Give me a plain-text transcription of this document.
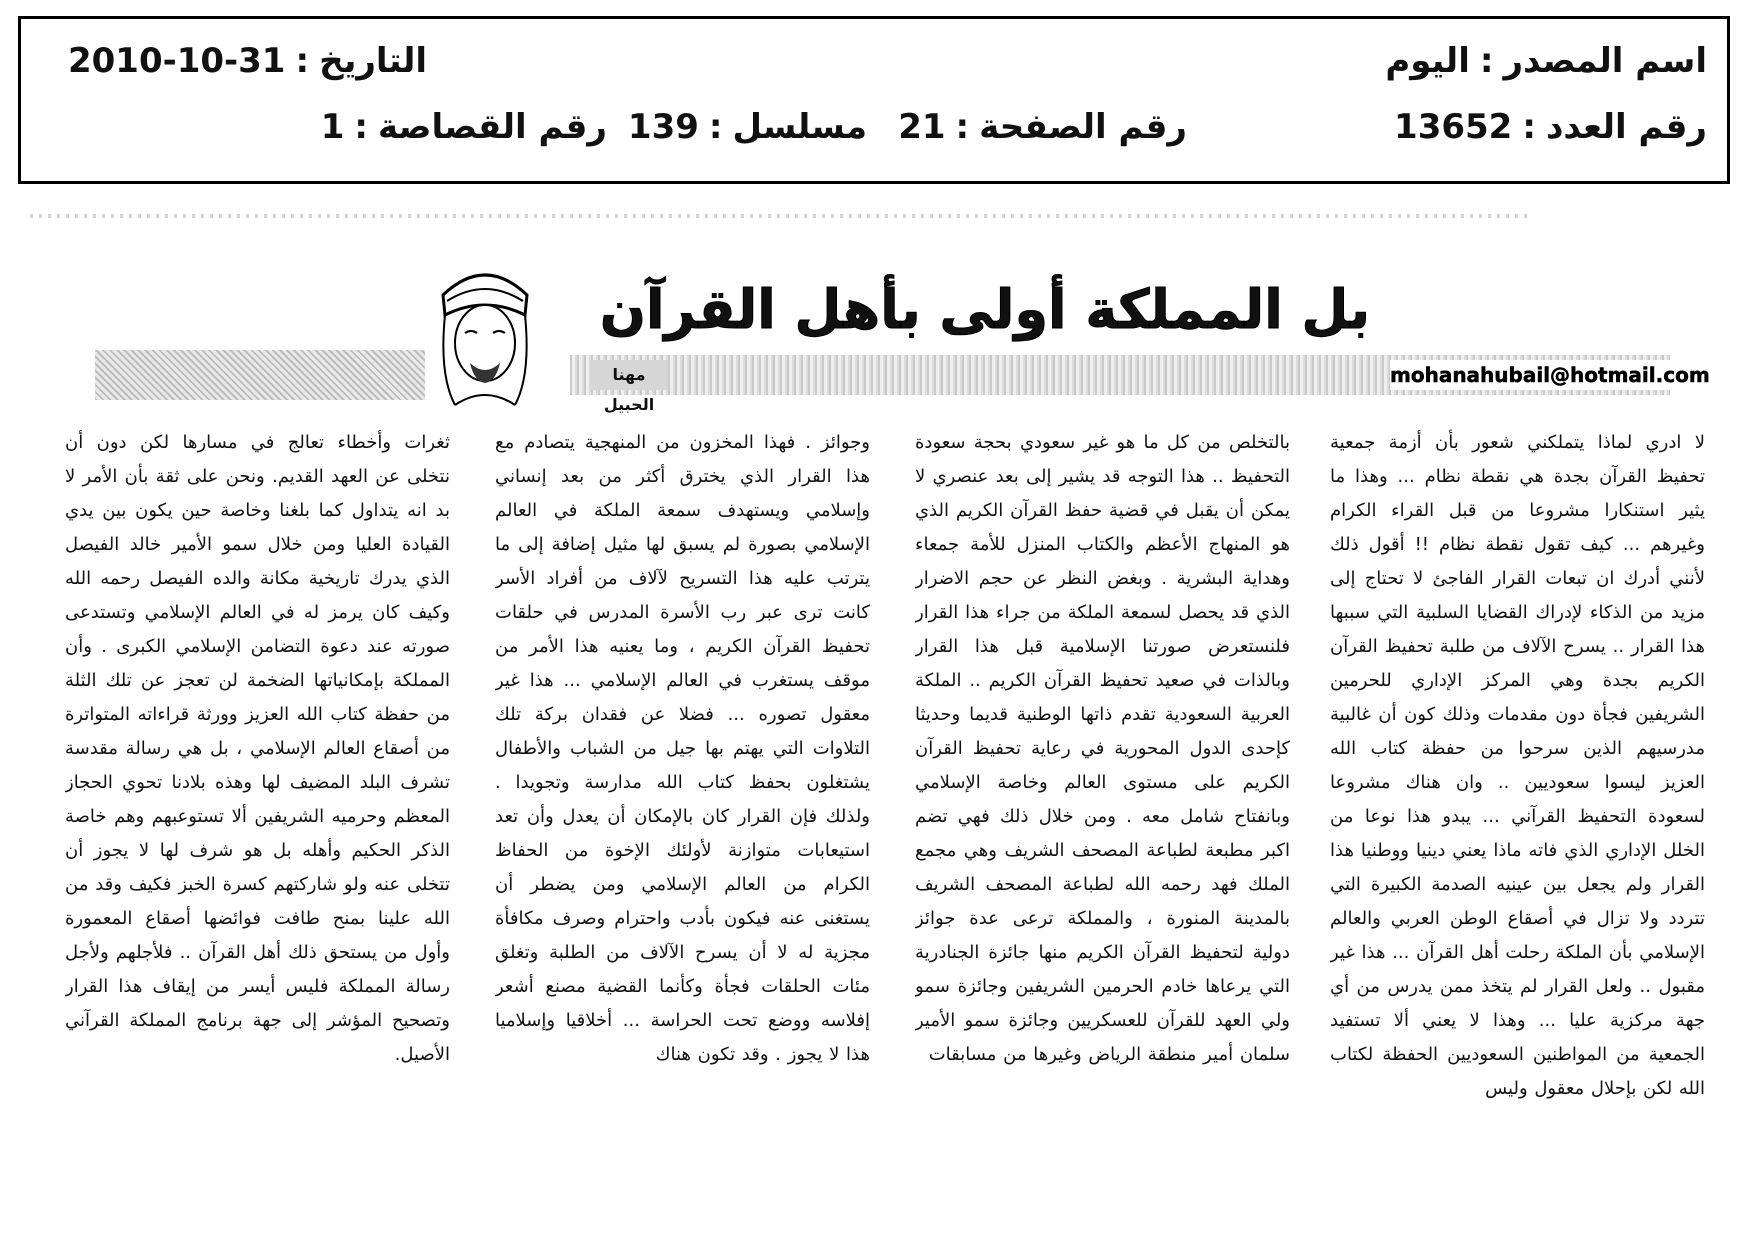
اسم المصدر:اليوم
التاريخ:2010-10-31
رقم العدد:13652
رقم الصفحة:21
مسلسل:139
رقم القصاصة:1
بل المملكة أولى بأهل القرآن
mohanahubail@hotmail.com
مهنا الحبيل

لا ادري لماذا يتملكني شعور بأن أزمة جمعية تحفيظ القرآن بجدة هي نقطة نظام ... وهذا ما يثير استنكارا مشروعا من قبل القراء الكرام وغيرهم ... كيف تقول نقطة نظام !! أقول ذلك لأنني أدرك ان تبعات القرار الفاجئ لا تحتاج إلى مزيد من الذكاء لإدراك القضايا السلبية التي سببها هذا القرار .. يسرح الآلاف من طلبة تحفيظ القرآن الكريم بجدة وهي المركز الإداري للحرمين الشريفين فجأة دون مقدمات وذلك كون أن غالبية مدرسيهم الذين سرحوا من حفظة كتاب الله العزيز ليسوا سعوديين .. وان هناك مشروعا لسعودة التحفيظ القرآني ... يبدو هذا نوعا من الخلل الإداري الذي فاته ماذا يعني دينيا ووطنيا هذا القرار ولم يجعل بين عينيه الصدمة الكبيرة التي تتردد ولا تزال في أصقاع الوطن العربي والعالم الإسلامي بأن الملكة رحلت أهل القرآن ... هذا غير مقبول .. ولعل القرار لم يتخذ ممن يدرس من أي جهة مركزية عليا ... وهذا لا يعني ألا تستفيد الجمعية من المواطنين السعوديين الحفظة لكتاب الله لكن بإحلال معقول وليس

بالتخلص من كل ما هو غير سعودي بحجة سعودة التحفيظ .. هذا التوجه قد يشير إلى بعد عنصري لا يمكن أن يقبل في قضية حفظ القرآن الكريم الذي هو المنهاج الأعظم والكتاب المنزل للأمة جمعاء وهداية البشرية . وبغض النظر عن حجم الاضرار الذي قد يحصل لسمعة الملكة من جراء هذا القرار فلنستعرض صورتنا الإسلامية قبل هذا القرار وبالذات في صعيد تحفيظ القرآن الكريم .. الملكة العربية السعودية تقدم ذاتها الوطنية قديما وحديثا كإحدى الدول المحورية في رعاية تحفيظ القرآن الكريم على مستوى العالم وخاصة الإسلامي وبانفتاح شامل معه . ومن خلال ذلك فهي تضم اكبر مطبعة لطباعة المصحف الشريف وهي مجمع الملك فهد رحمه الله لطباعة المصحف الشريف بالمدينة المنورة ، والمملكة ترعى عدة جوائز دولية لتحفيظ القرآن الكريم منها جائزة الجنادرية التي يرعاها خادم الحرمين الشريفين وجائزة سمو ولي العهد للقرآن للعسكريين وجائزة سمو الأمير سلمان أمير منطقة الرياض وغيرها من مسابقات

وجوائز . فهذا المخزون من المنهجية يتصادم مع هذا القرار الذي يخترق أكثر من بعد إنساني وإسلامي ويستهدف سمعة الملكة في العالم الإسلامي بصورة لم يسبق لها مثيل إضافة إلى ما يترتب عليه هذا التسريح لآلاف من أفراد الأسر كانت ترى عبر رب الأسرة المدرس في حلقات تحفيظ القرآن الكريم ، وما يعنيه هذا الأمر من موقف يستغرب في العالم الإسلامي ... هذا غير معقول تصوره ... فضلا عن فقدان بركة تلك التلاوات التي يهتم بها جيل من الشباب والأطفال يشتغلون بحفظ كتاب الله مدارسة وتجويدا . ولذلك فإن القرار كان بالإمكان أن يعدل وأن تعد استيعابات متوازنة لأولئك الإخوة من الحفاظ الكرام من العالم الإسلامي ومن يضطر أن يستغنى عنه فيكون بأدب واحترام وصرف مكافأة مجزية له لا أن يسرح الآلاف من الطلبة وتغلق مئات الحلقات فجأة وكأنما القضية مصنع أشعر إفلاسه ووضع تحت الحراسة ... أخلاقيا وإسلاميا هذا لا يجوز . وقد تكون هناك

ثغرات وأخطاء تعالج في مسارها لكن دون أن نتخلى عن العهد القديم. ونحن على ثقة بأن الأمر لا بد انه يتداول كما بلغنا وخاصة حين يكون بين يدي القيادة العليا ومن خلال سمو الأمير خالد الفيصل الذي يدرك تاريخية مكانة والده الفيصل رحمه الله وكيف كان يرمز له في العالم الإسلامي وتستدعى صورته عند دعوة التضامن الإسلامي الكبرى . وأن المملكة بإمكانياتها الضخمة لن تعجز عن تلك الثلة من حفظة كتاب الله العزيز وورثة قراءاته المتواترة من أصقاع العالم الإسلامي ، بل هي رسالة مقدسة تشرف البلد المضيف لها وهذه بلادنا تحوي الحجاز المعظم وحرميه الشريفين ألا تستوعبهم وهم خاصة الذكر الحكيم وأهله بل هو شرف لها لا يجوز أن تتخلى عنه ولو شاركتهم كسرة الخبز فكيف وقد من الله علينا بمنح طافت فوائضها أصقاع المعمورة وأول من يستحق ذلك أهل القرآن .. فلأجلهم ولأجل رسالة المملكة فليس أيسر من إيقاف هذا القرار وتصحيح المؤشر إلى جهة برنامج المملكة القرآني الأصيل.
